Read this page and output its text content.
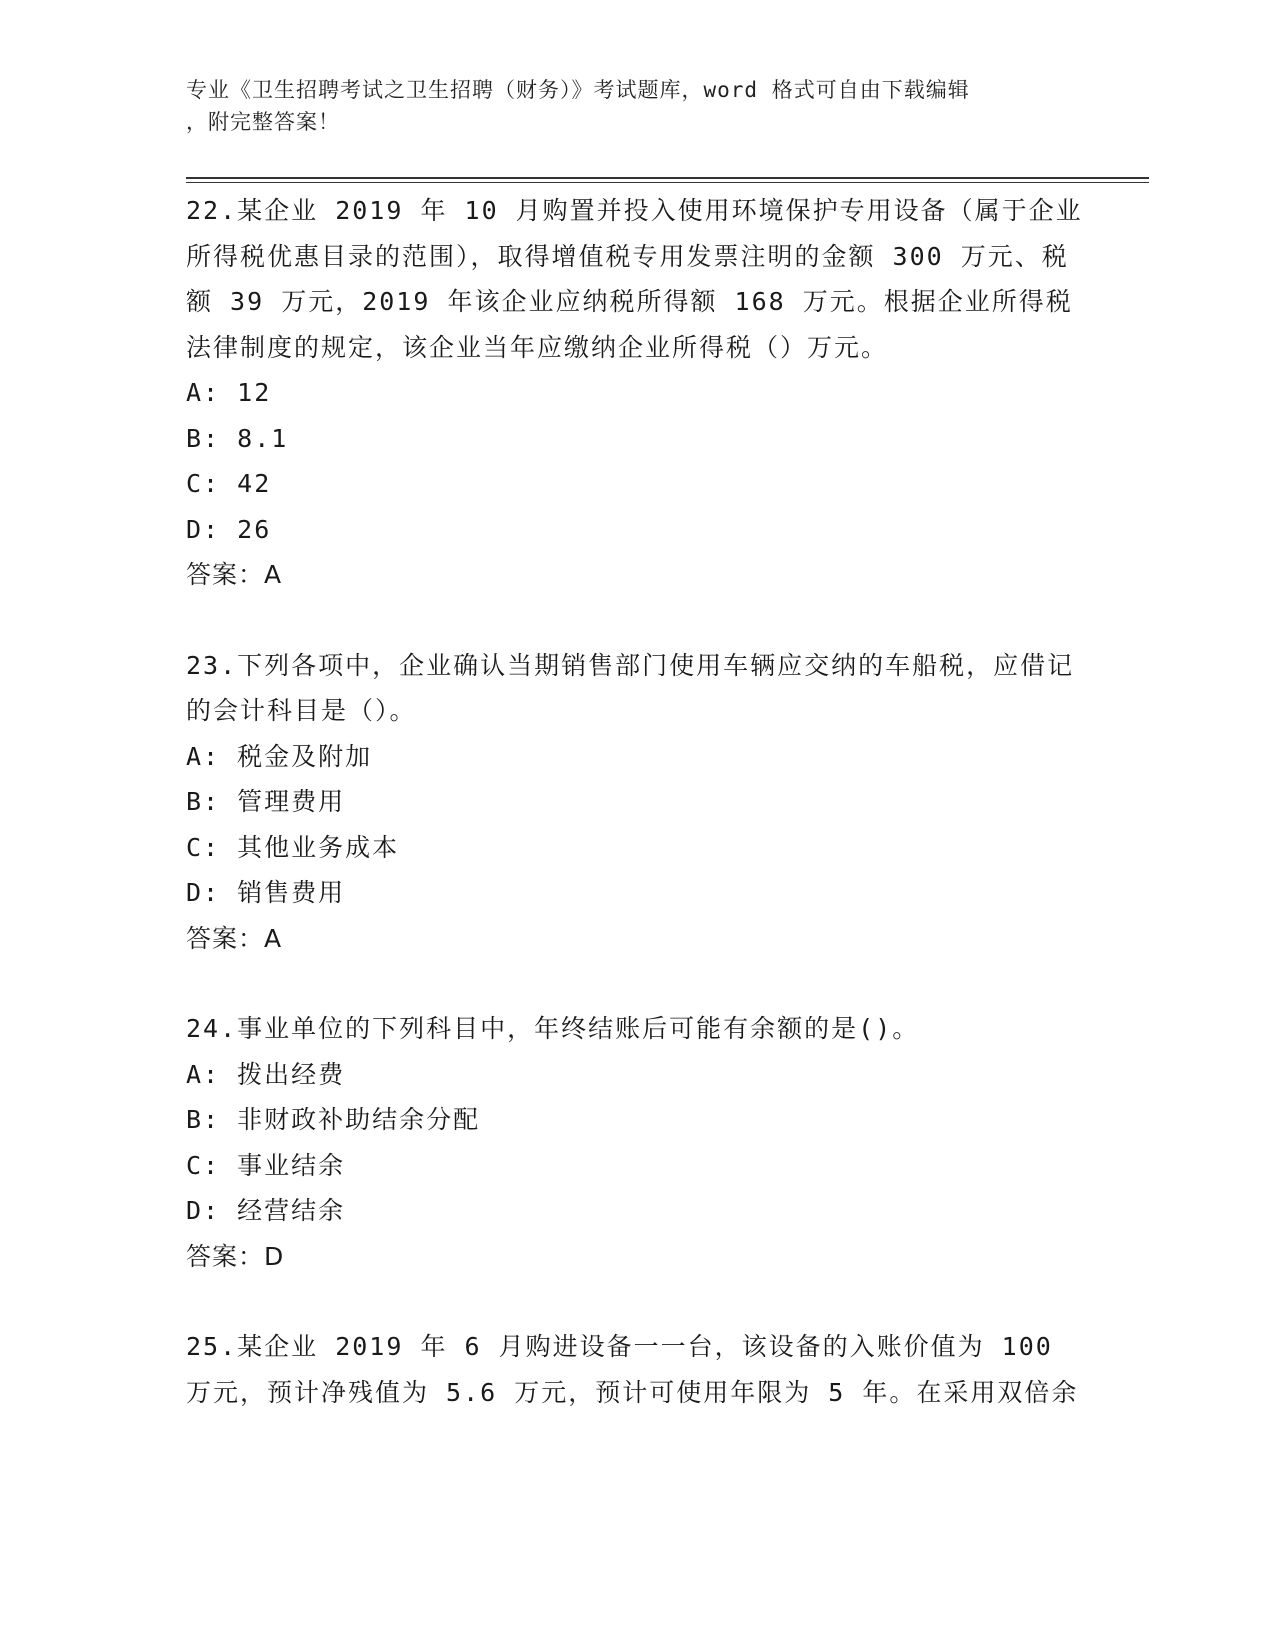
专业《卫生招聘考试之卫生招聘（财务）》考试题库，word 格式可自由下载编辑
，附完整答案！

22.某企业 2019 年 10 月购置并投入使用环境保护专用设备（属于企业所得税优惠目录的范围），取得增值税专用发票注明的金额 300 万元、税额 39 万元，2019 年该企业应纳税所得额 168 万元。根据企业所得税法律制度的规定，该企业当年应缴纳企业所得税（）万元。

A: 12

B: 8.1

C: 42

D: 26

答案：A

23.下列各项中，企业确认当期销售部门使用车辆应交纳的车船税，应借记的会计科目是（）。

A: 税金及附加

B: 管理费用

C: 其他业务成本

D: 销售费用

答案：A

24.事业单位的下列科目中，年终结账后可能有余额的是()。

A: 拨出经费

B: 非财政补助结余分配

C: 事业结余

D: 经营结余

答案：D

25.某企业 2019 年 6 月购进设备一一台，该设备的入账价值为 100 万元，预计净残值为 5.6 万元，预计可使用年限为 5 年。在采用双倍余
